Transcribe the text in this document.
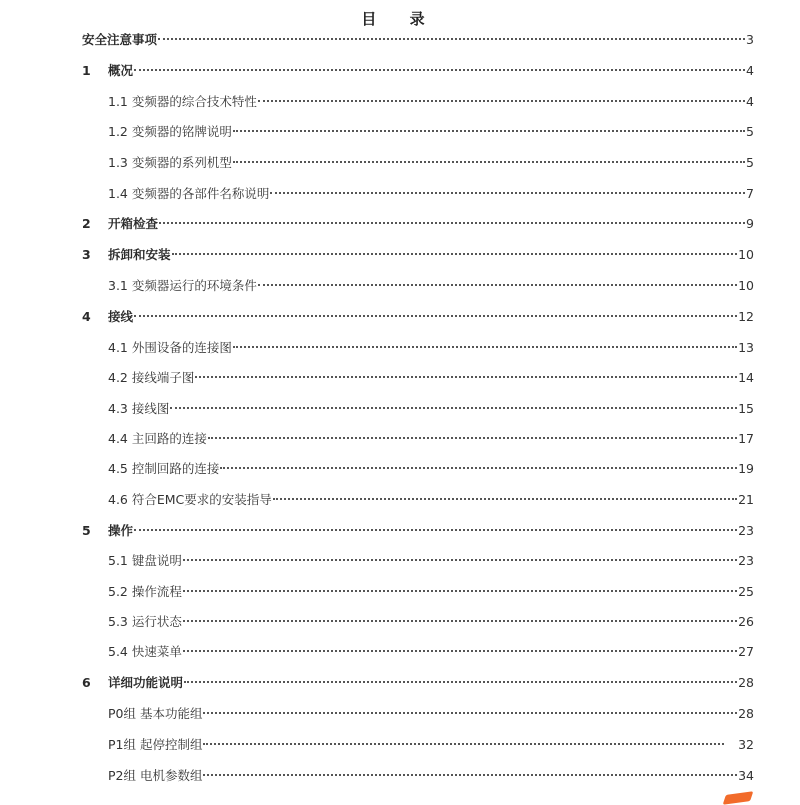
目 录
安全注意事项	3
1	概况	4
1.1 变频器的综合技术特性	4
1.2 变频器的铭牌说明	5
1.3 变频器的系列机型	5
1.4 变频器的各部件名称说明	7
2	开箱检查	9
3	拆卸和安装	10
3.1 变频器运行的环境条件	10
4	接线	12
4.1 外围设备的连接图	13
4.2 接线端子图	14
4.3 接线图	15
4.4 主回路的连接	17
4.5 控制回路的连接	19
4.6 符合EMC要求的安装指导	21
5	操作	23
5.1 键盘说明	23
5.2 操作流程	25
5.3 运行状态	26
5.4 快速菜单	27
6	详细功能说明	28
P0组 基本功能组	28
P1组 起停控制组	32
P2组 电机参数组	34
